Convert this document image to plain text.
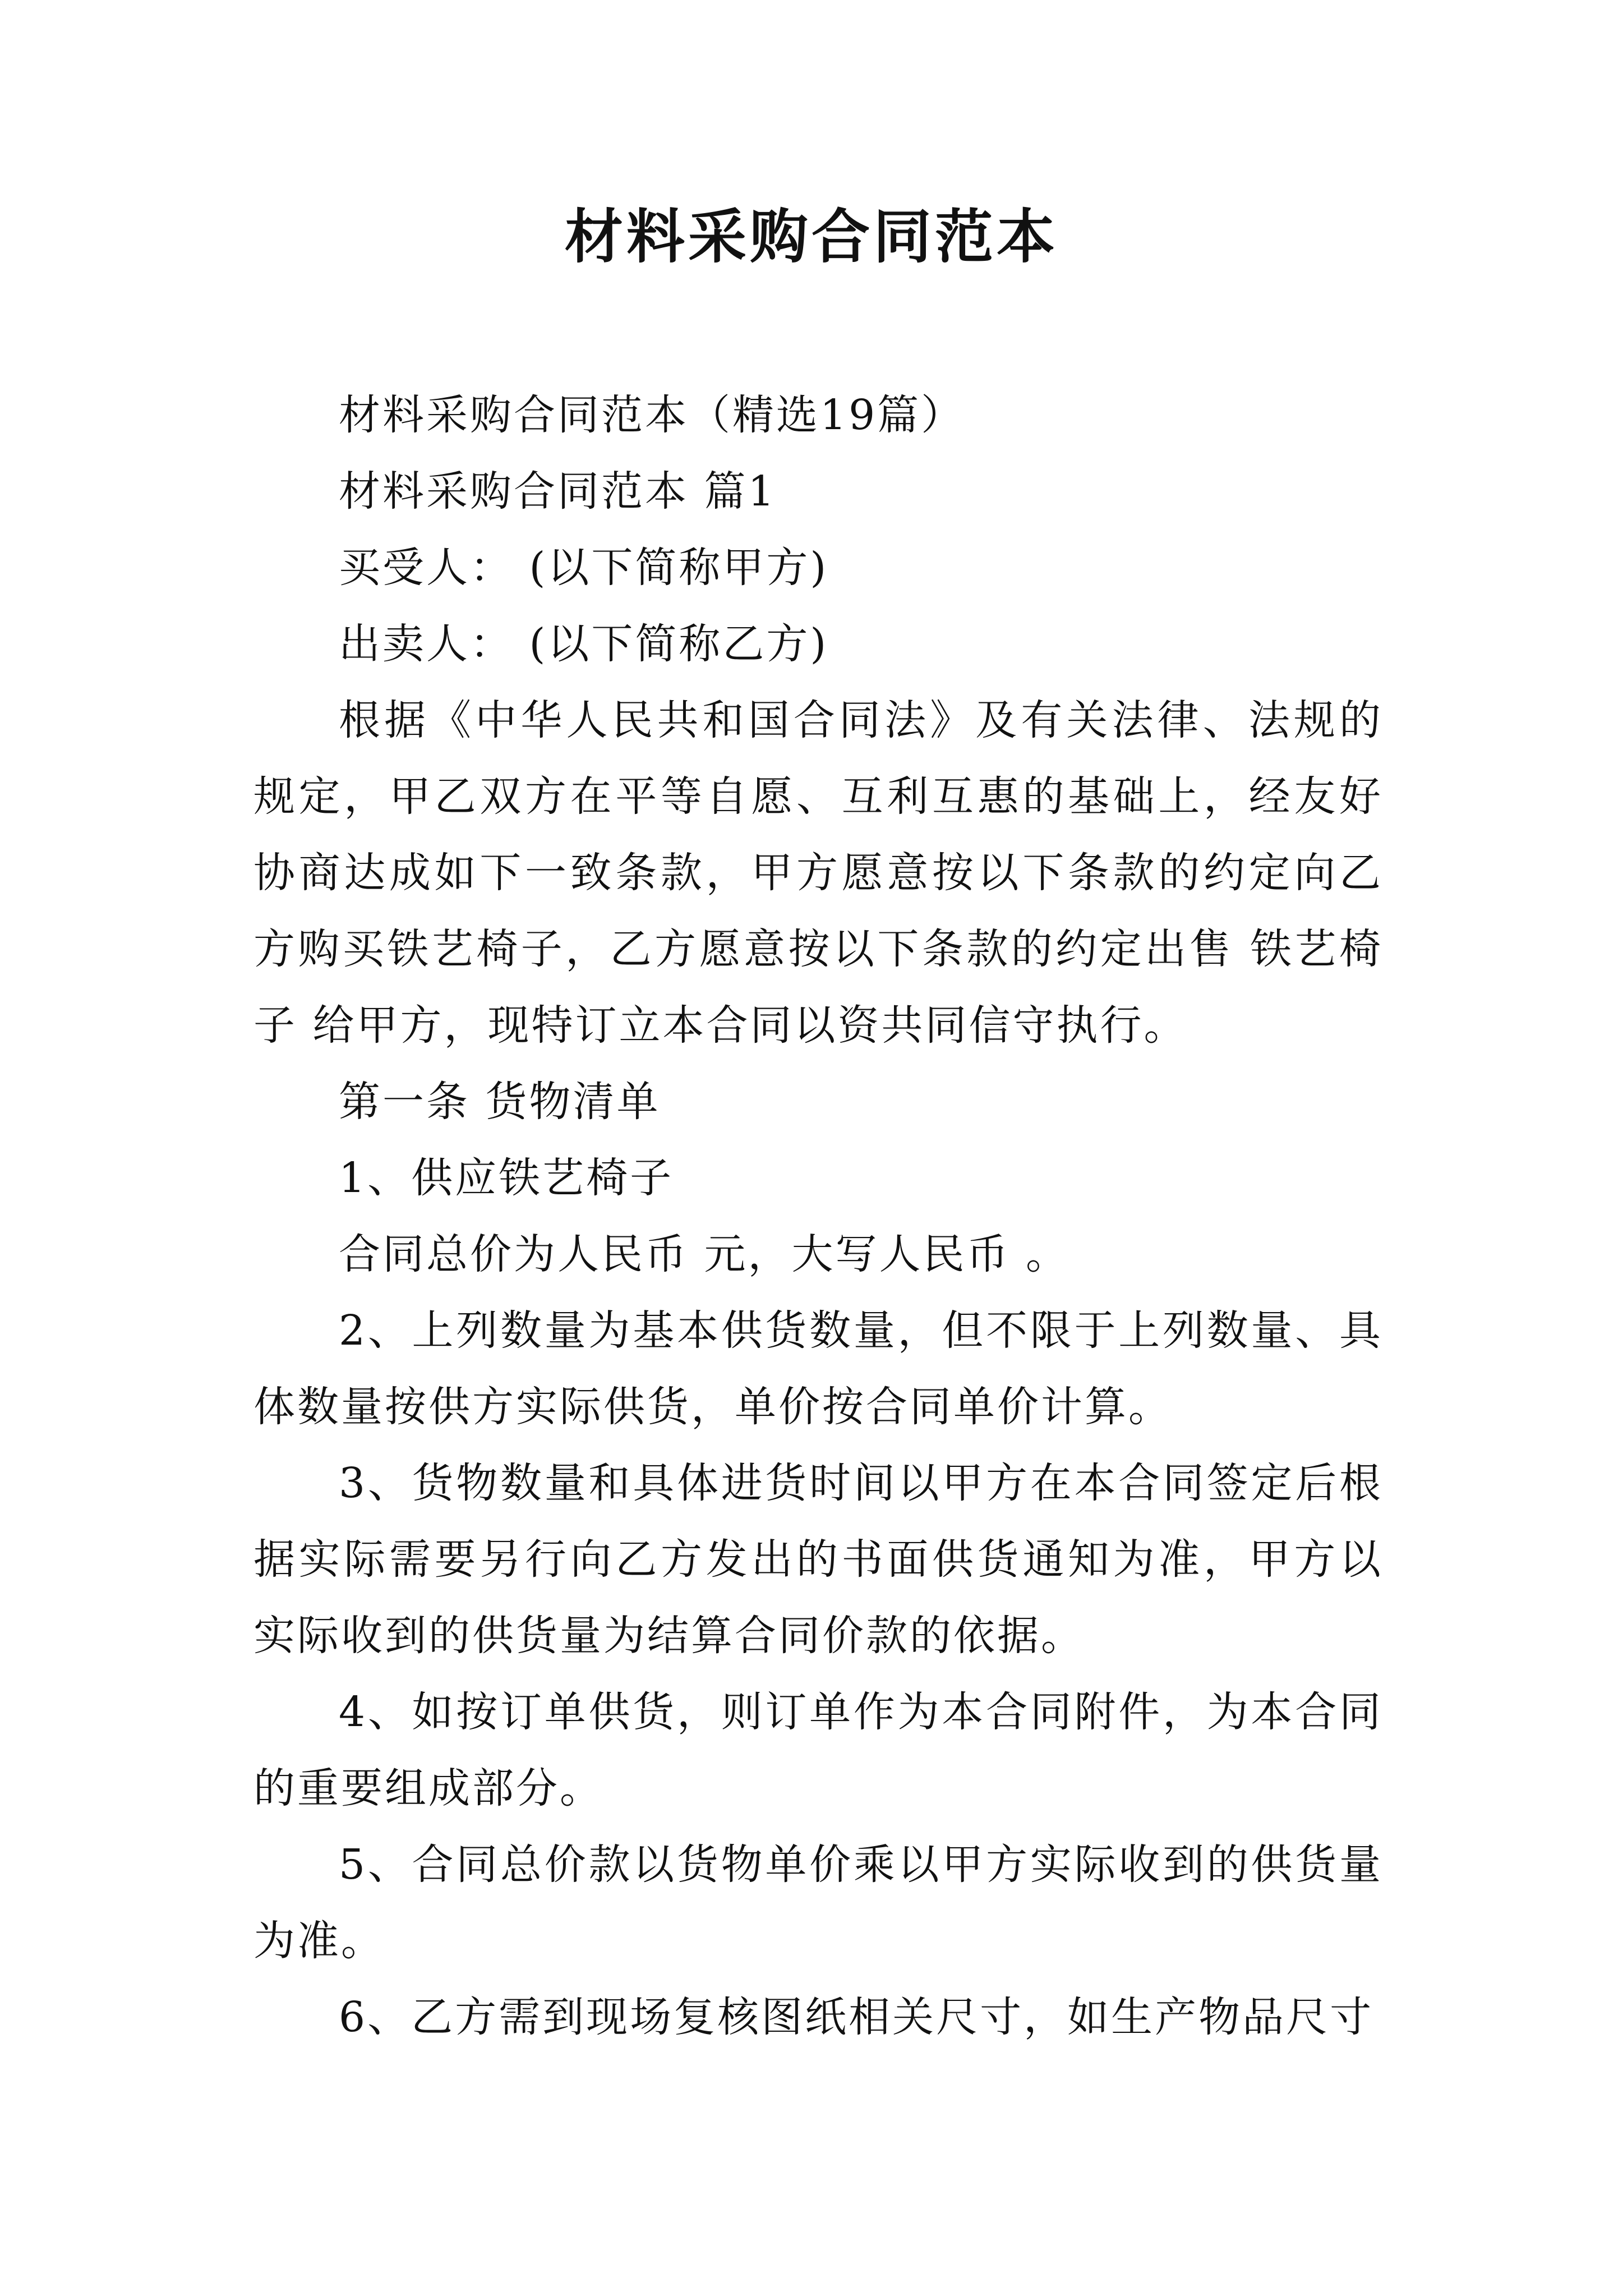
材料采购合同范本

材料采购合同范本（精选19篇）

材料采购合同范本 篇1

买受人： (以下简称甲方)

出卖人： (以下简称乙方)

根据《中华人民共和国合同法》及有关法律、法规的规定，甲乙双方在平等自愿、互利互惠的基础上，经友好协商达成如下一致条款，甲方愿意按以下条款的约定向乙方购买铁艺椅子，乙方愿意按以下条款的约定出售 铁艺椅子 给甲方，现特订立本合同以资共同信守执行。

第一条 货物清单

1、供应铁艺椅子

合同总价为人民币 元，大写人民币 。

2、上列数量为基本供货数量，但不限于上列数量、具体数量按供方实际供货，单价按合同单价计算。

3、货物数量和具体进货时间以甲方在本合同签定后根据实际需要另行向乙方发出的书面供货通知为准，甲方以实际收到的供货量为结算合同价款的依据。

4、如按订单供货，则订单作为本合同附件，为本合同的重要组成部分。

5、合同总价款以货物单价乘以甲方实际收到的供货量为准。

6、乙方需到现场复核图纸相关尺寸，如生产物品尺寸
